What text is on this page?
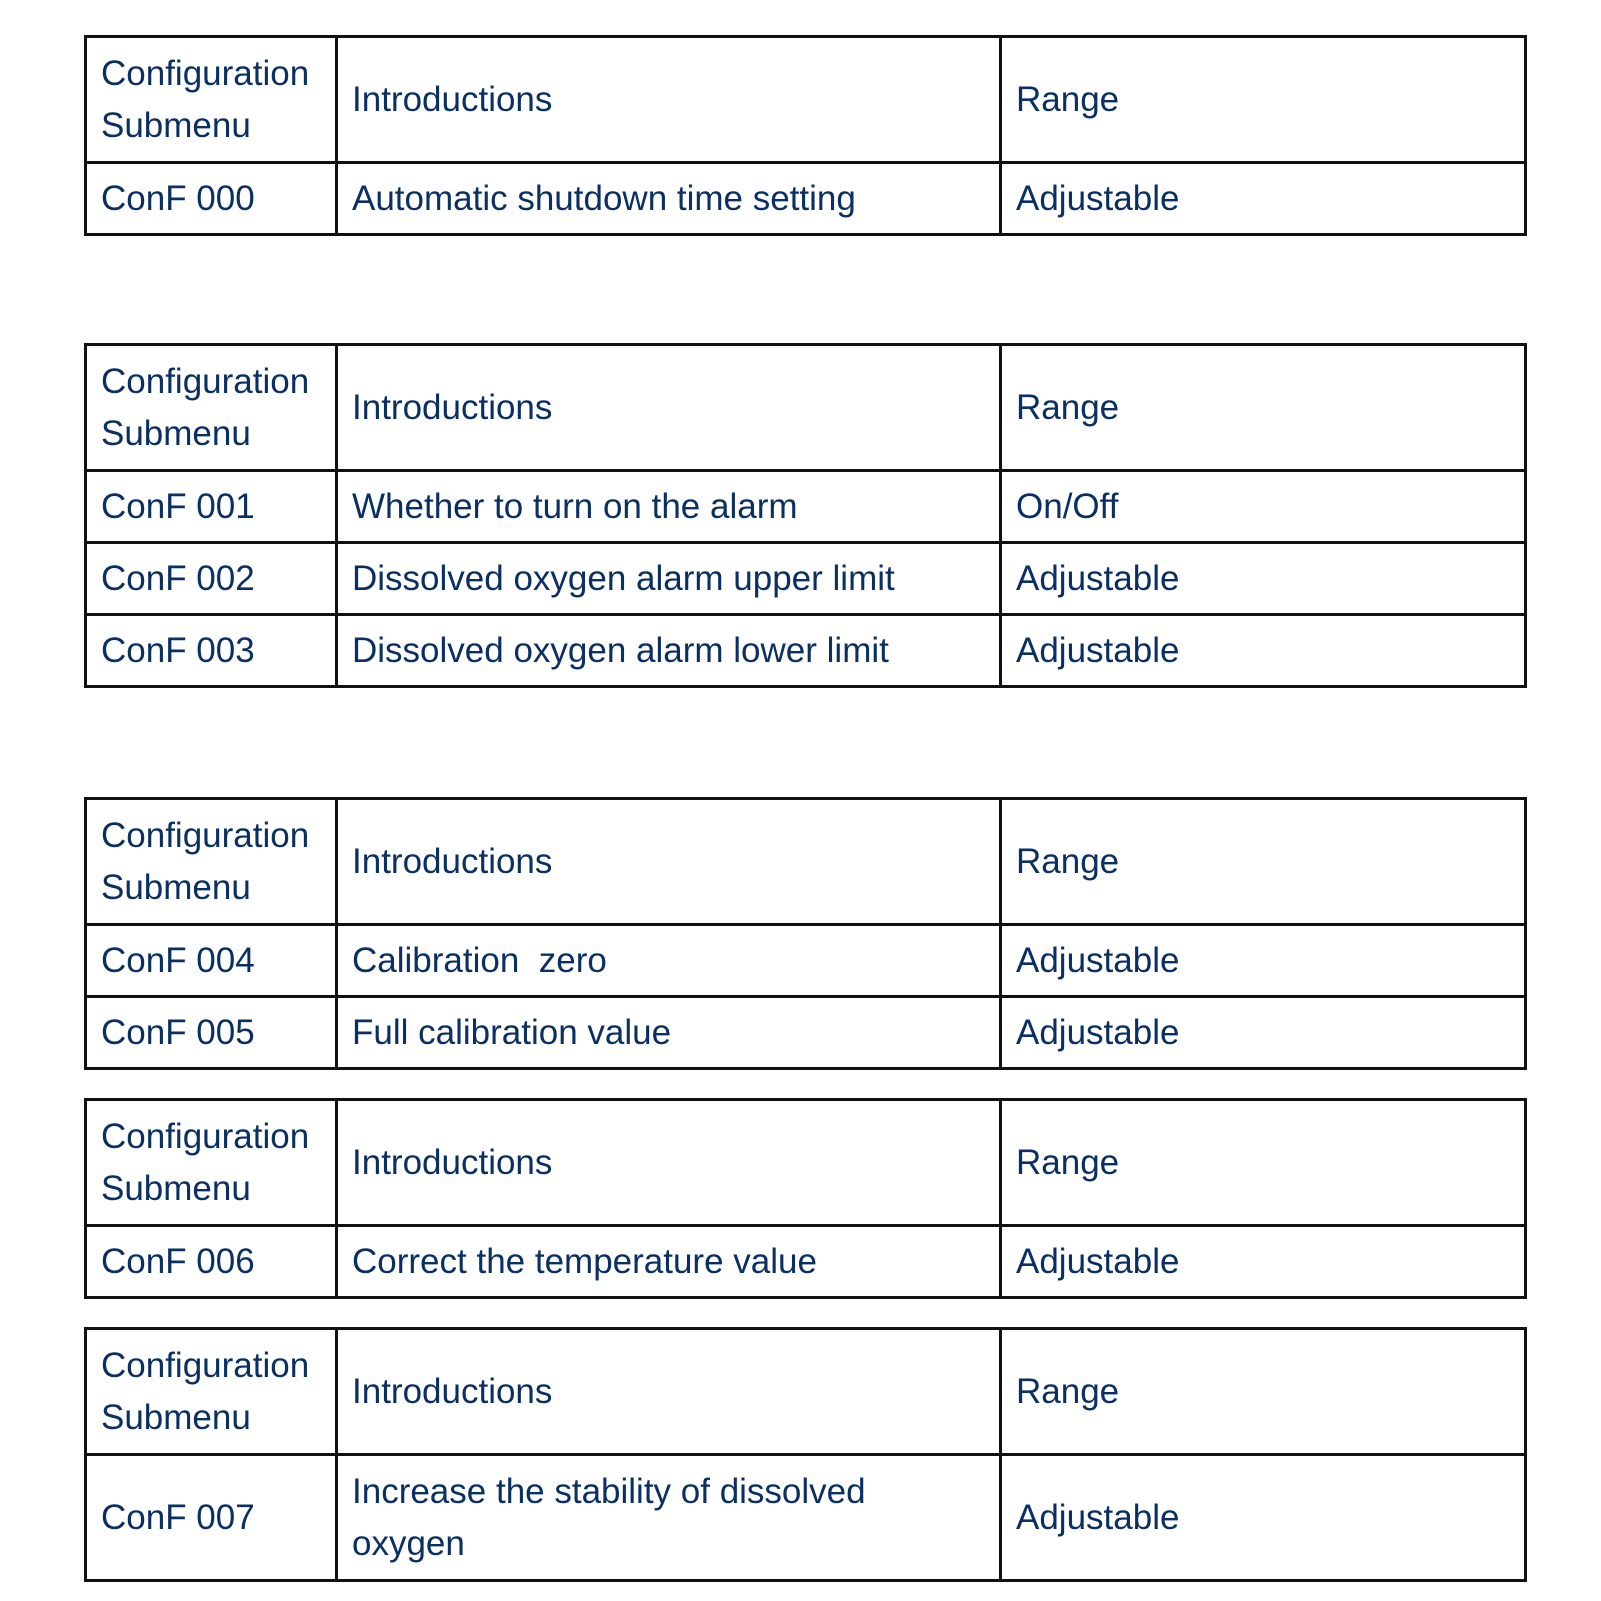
Configuration Submenu	Introductions	Range
ConF 000	Automatic shutdown time setting	Adjustable
Configuration Submenu	Introductions	Range
ConF 001	Whether to turn on the alarm	On/Off
ConF 002	Dissolved oxygen alarm upper limit	Adjustable
ConF 003	Dissolved oxygen alarm lower limit	Adjustable
Configuration Submenu	Introductions	Range
ConF 004	Calibration  zero	Adjustable
ConF 005	Full calibration value	Adjustable
Configuration Submenu	Introductions	Range
ConF 006	Correct the temperature value	Adjustable
Configuration Submenu	Introductions	Range
ConF 007	Increase the stability of dissolved oxygen	Adjustable
